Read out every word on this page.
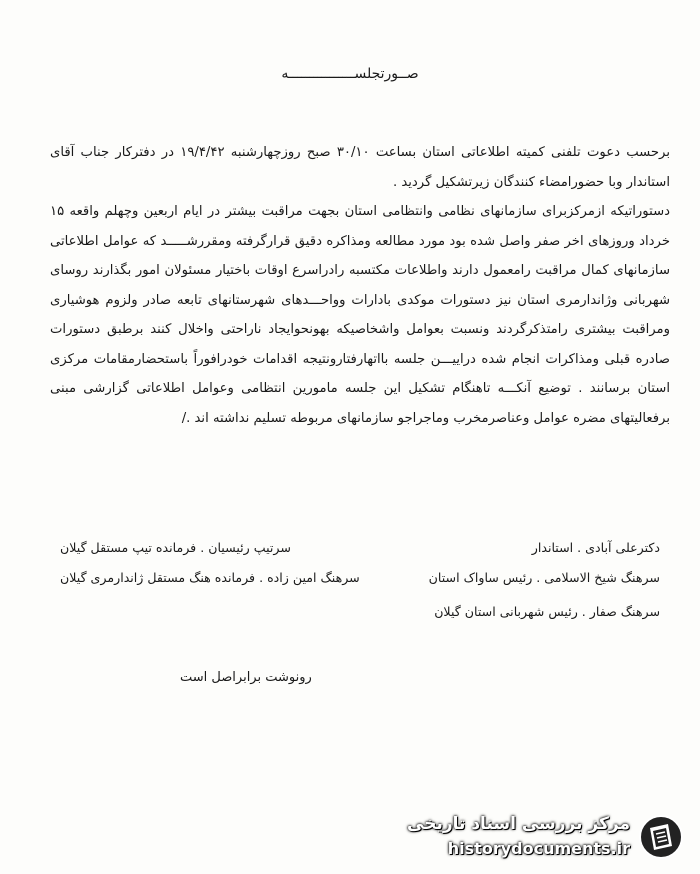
صــورتجلســــــــــــــــه

برحسب دعوت تلفنی کمیته اطلاعاتی استان بساعت ۳۰/۱۰ صبح روزچهارشنبه ۱۹/۴/۴۲ در دفترکار جناب آقای استاندار وبا حضورامضاء کنندگان زیرتشکیل گردید .

دستوراتیکه ازمرکزبرای سازمانهای نظامی وانتظامی استان بجهت مراقبت بیشتر در ایام اربعین وچهلم واقعه ۱۵ خرداد وروزهای اخر صفر واصل شده بود مورد مطالعه ومذاکره دقیق قرارگرفته ومقررشـــــد که عوامل اطلاعاتی سازمانهای کمال مراقبت رامعمول دارند واطلاعات مکتسبه رادراسرع اوقات باختیار مسئولان امور بگذارند روسای شهربانی وژاندارمری استان نیز دستورات موکدی بادارات وواحـــدهای شهرستانهای تابعه صادر ولزوم هوشیاری ومراقبت بیشتری رامتذکرگردند ونسبت بعوامل واشخاصیکه بهونحوایجاد ناراحتی واخلال کنند برطبق دستورات صادره قبلی ومذاکرات انجام شده دراییـــن جلسه بااتهارفتارونتیجه اقدامات خودرافوراً باستحضارمقامات مرکزی استان برسانند . توضیع آنکـــه تاهنگام تشکیل این جلسه مامورین انتظامی وعوامل اطلاعاتی گزارشی مبنی برفعالیتهای مضره عوامل وعناصرمخرب وماجراجو سازمانهای مربوطه تسلیم نداشته اند ./

دکترعلی آبادی . استاندار
سرهنگ شیخ الاسلامی . رئیس ساواک استان
سرهنگ صفار . رئیس شهربانی استان گیلان
سرتیپ رئیسیان . فرمانده تیپ مستقل گیلان
سرهنگ امین زاده . فرمانده هنگ مستقل ژاندارمری گیلان
رونوشت برابراصل است
مرکز بررسی اسناد تاریخی
historydocuments.ir
